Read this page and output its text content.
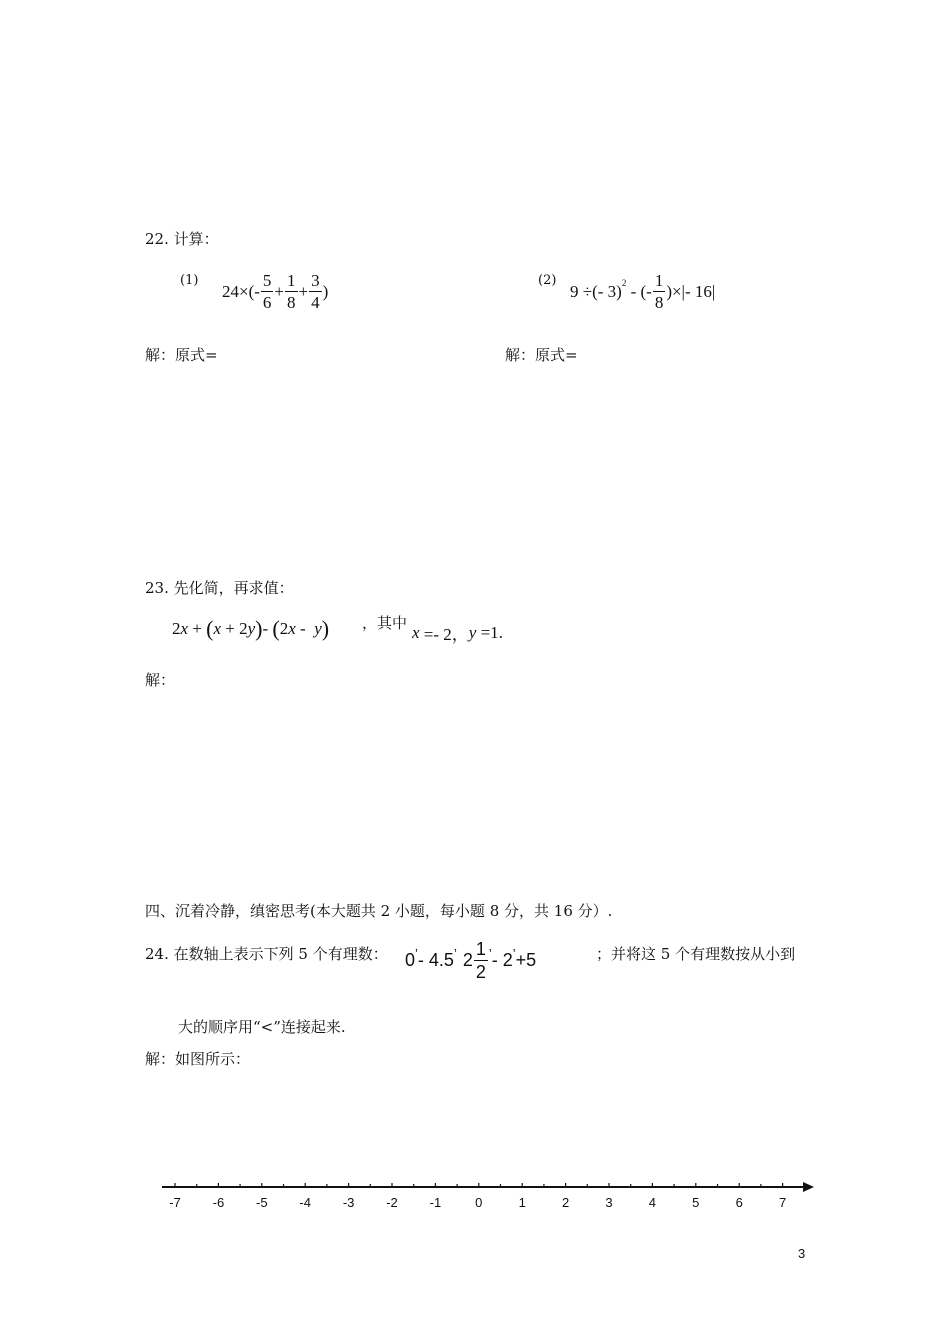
22. 计算：
(1)
$24\times(- \frac{5}{6} + \frac{1}{8} + \frac{3}{4}$ )
(2)
9 ÷(- 3)$^2$ - (- $\frac{1}{8}$ )×|- 16|
解：原式=	解：原式=
23. 先化简，再求值：
2 x + ( x + 2 y ) - ( 2 x - y ) ，其中 x =- 2， y =1 .
解：
四、沉着冷静，缜密思考(本大题共 2 小题，每小题 8 分，共 16 分）.
24. 在数轴上表示下列 5 个有理数： 0 ’ - 4.5 ’ $2 \frac{1}{2}$ ’ - 2 ’ +5	；并将这 5 个有理数按从小到
大的顺序用“<”连接起来.
解：如图所示：
-7 -6 -5 -4 -3 -2 -1	0	1	2	3	4	5	6	7
3
